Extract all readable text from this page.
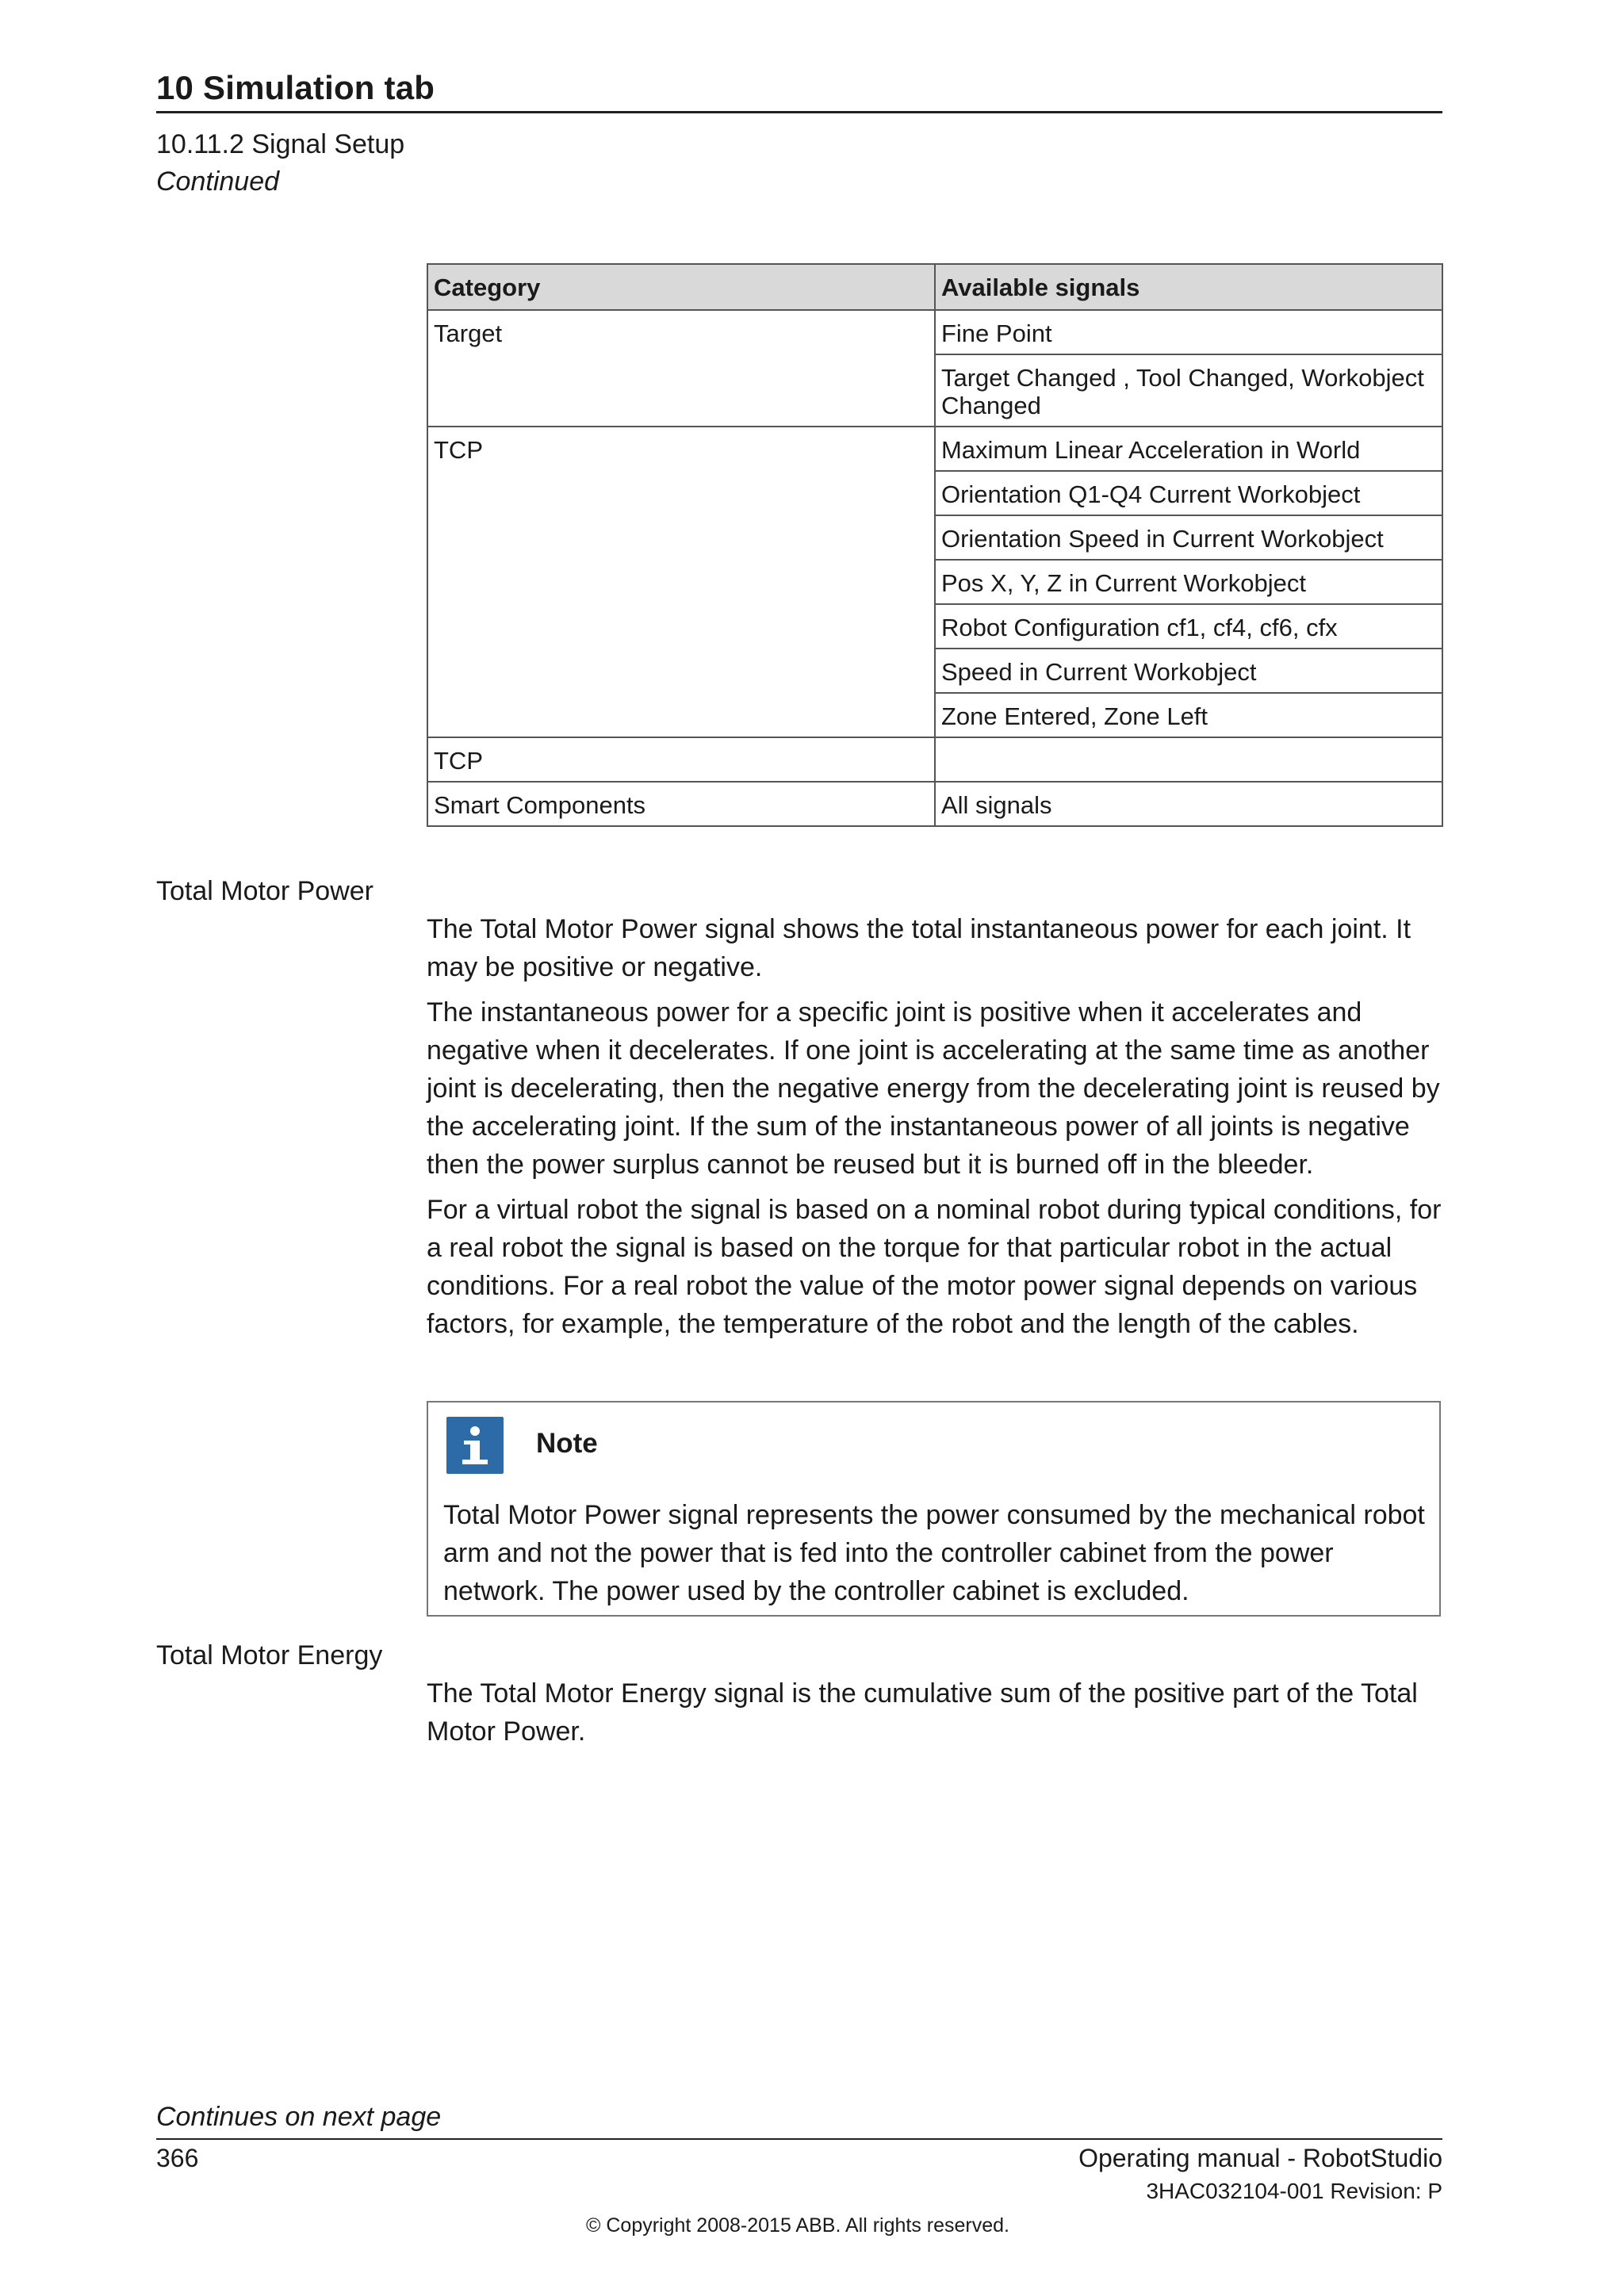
10 Simulation tab

10.11.2 Signal Setup

Continued

Category	Available signals
Target	Fine Point
	Target Changed , Tool Changed, Workobject Changed
TCP	Maximum Linear Acceleration in World
	Orientation Q1-Q4 Current Workobject
	Orientation Speed in Current Workobject
	Pos X, Y, Z in Current Workobject
	Robot Configuration cf1, cf4, cf6, cfx
	Speed in Current Workobject
	Zone Entered, Zone Left
TCP	
Smart Components	All signals

Total Motor Power

The Total Motor Power signal shows the total instantaneous power for each joint. It may be positive or negative.

The instantaneous power for a specific joint is positive when it accelerates and negative when it decelerates. If one joint is accelerating at the same time as another joint is decelerating, then the negative energy from the decelerating joint is reused by the accelerating joint. If the sum of the instantaneous power of all joints is negative then the power surplus cannot be reused but it is burned off in the bleeder.

For a virtual robot the signal is based on a nominal robot during typical conditions, for a real robot the signal is based on the torque for that particular robot in the actual conditions. For a real robot the value of the motor power signal depends on various factors, for example, the temperature of the robot and the length of the cables.

Note

Total Motor Power signal represents the power consumed by the mechanical robot arm and not the power that is fed into the controller cabinet from the power network. The power used by the controller cabinet is excluded.

Total Motor Energy

The Total Motor Energy signal is the cumulative sum of the positive part of the Total Motor Power.

Continues on next page

366	Operating manual - RobotStudio
3HAC032104-001 Revision: P
© Copyright 2008-2015 ABB. All rights reserved.
